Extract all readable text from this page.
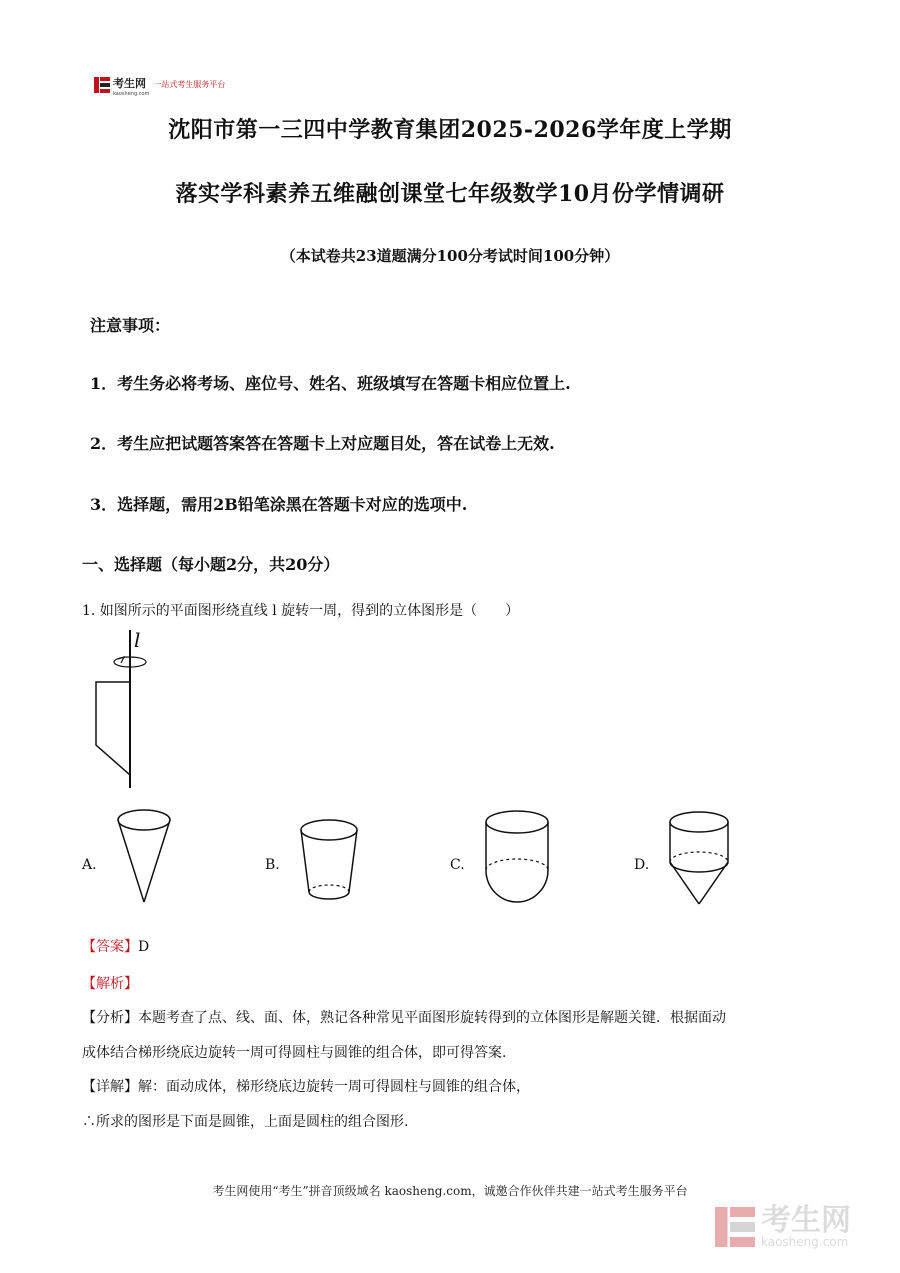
考生网
kaosheng.com
一站式考生服务平台
沈阳市第一三四中学教育集团2025-2026学年度上学期
落实学科素养五维融创课堂七年级数学10月份学情调研
（本试卷共23道题满分100分考试时间100分钟）
注意事项：
1．考生务必将考场、座位号、姓名、班级填写在答题卡相应位置上.
2．考生应把试题答案答在答题卡上对应题目处，答在试卷上无效.
3．选择题，需用2B铅笔涂黑在答题卡对应的选项中.
一、选择题（每小题2分，共20分）
1. 如图所示的平面图形绕直线 l 旋转一周，得到的立体图形是（　　）
l
A.	B.	C.	D.
【答案】D
【解析】
【分析】本题考查了点、线、面、体，熟记各种常见平面图形旋转得到的立体图形是解题关键．根据面动
成体结合梯形绕底边旋转一周可得圆柱与圆锥的组合体，即可得答案.
【详解】解：面动成体，梯形绕底边旋转一周可得圆柱与圆锥的组合体，
∴所求的图形是下面是圆锥，上面是圆柱的组合图形.
考生网使用“考生”拼音顶级域名 kaosheng.com，诚邀合作伙伴共建一站式考生服务平台
考生网
kaosheng.com
